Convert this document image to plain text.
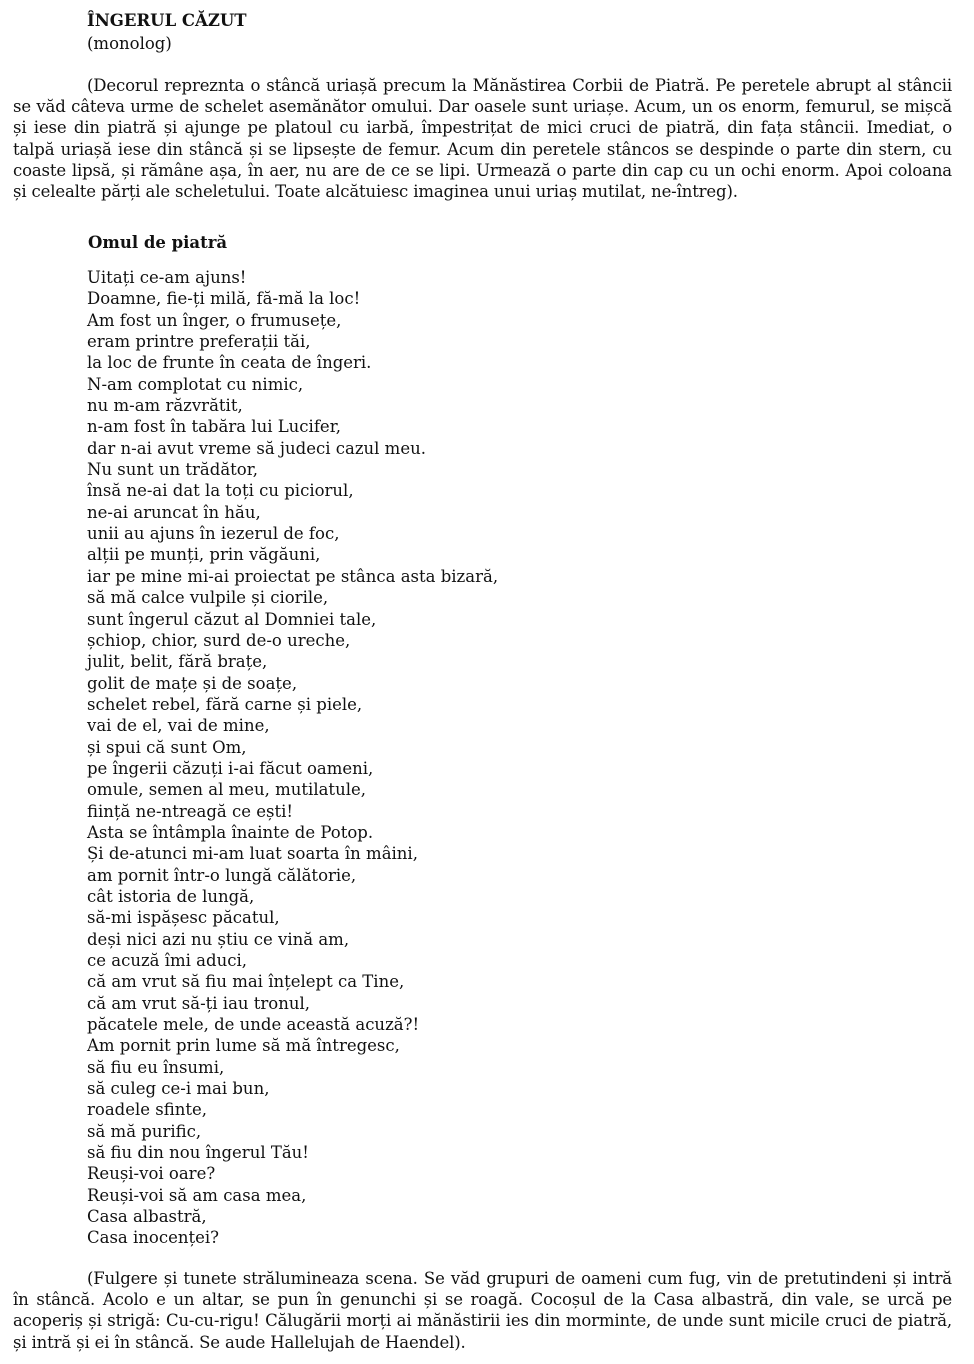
ÎNGERUL CĂZUT
(monolog)

(Decorul repreznta o stâncă uriașă precum la Mănăstirea Corbii de Piatră. Pe peretele abrupt al stâncii se văd câteva urme de schelet asemănător omului. Dar oasele sunt uriașe. Acum, un os enorm, femurul, se mișcă și iese din piatră și ajunge pe platoul cu iarbă, împestrițat de mici cruci de piatră, din fața stâncii. Imediat, o talpă uriașă iese din stâncă și se lipsește de femur. Acum din peretele stâncos se despinde o parte din stern, cu coaste lipsă, și rămâne așa, în aer, nu are de ce se lipi. Urmează o parte din cap cu un ochi enorm. Apoi coloana și celealte părți ale scheletului. Toate alcătuiesc imaginea unui uriaș mutilat, ne-întreg).

Omul de piatră
Uitați ce-am ajuns!
Doamne, fie-ți milă, fă-mă la loc!
Am fost un înger, o frumusețe,
eram printre preferații tăi,
la loc de frunte în ceata de îngeri.
N-am complotat cu nimic,
nu m-am răzvrătit,
n-am fost în tabăra lui Lucifer,
dar n-ai avut vreme să judeci cazul meu.
Nu sunt un trădător,
însă ne-ai dat la toți cu piciorul,
ne-ai aruncat în hău,
unii au ajuns în iezerul de foc,
alții pe munți, prin văgăuni,
iar pe mine mi-ai proiectat pe stânca asta bizară,
să mă calce vulpile și ciorile,
sunt îngerul căzut al Domniei tale,
șchiop, chior, surd de-o ureche,
julit, belit, fără brațe,
golit de mațe și de soațe,
schelet rebel, fără carne și piele,
vai de el, vai de mine,
și spui că sunt Om,
pe îngerii căzuți i-ai făcut oameni,
omule, semen al meu, mutilatule,
ființă ne-ntreagă ce ești!
Asta se întâmpla înainte de Potop.
Și de-atunci mi-am luat soarta în mâini,
am pornit într-o lungă călătorie,
cât istoria de lungă,
să-mi ispășesc păcatul,
deși nici azi nu știu ce vină am,
ce acuză îmi aduci,
că am vrut să fiu mai înțelept ca Tine,
că am vrut să-ți iau tronul,
păcatele mele, de unde această acuză?!
Am pornit prin lume să mă întregesc,
să fiu eu însumi,
să culeg ce-i mai bun,
roadele sfinte,
să mă purific,
să fiu din nou îngerul Tău!
Reuși-voi oare?
Reuși-voi să am casa mea,
Casa albastră,
Casa inocenței?

(Fulgere și tunete strălumineaza scena. Se văd grupuri de oameni cum fug, vin de pretutindeni și intră în stâncă. Acolo e un altar, se pun în genunchi și se roagă. Cocoșul de la Casa albastră, din vale, se urcă pe acoperiș și strigă: Cu-cu-rigu! Călugării morți ai mănăstirii ies din morminte, de unde sunt micile cruci de piatră, și intră și ei în stâncă. Se aude Hallelujah de Haendel).
